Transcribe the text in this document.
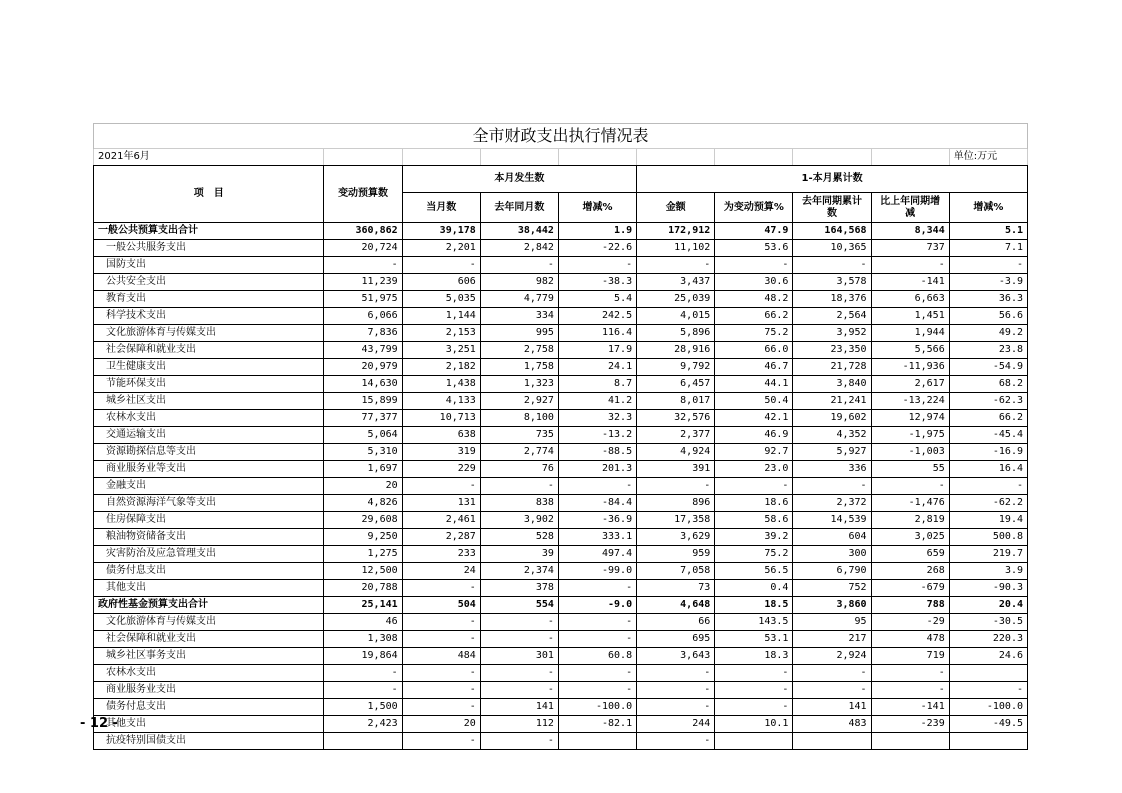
全市财政支出执行情况表									
2021年6月									单位:万元
项　目	变动预算数	本月发生数			1-本月累计数				
		当月数	去年同月数	增减%	金额	为变动预算%	去年同期累计数	比上年同期增减	增减%
一般公共预算支出合计	360,862	39,178	38,442	1.9	172,912	47.9	164,568	8,344	5.1
一般公共服务支出	20,724	2,201	2,842	-22.6	11,102	53.6	10,365	737	7.1
国防支出	-	-	-	-	-	-	-	-	-
公共安全支出	11,239	606	982	-38.3	3,437	30.6	3,578	-141	-3.9
教育支出	51,975	5,035	4,779	5.4	25,039	48.2	18,376	6,663	36.3
科学技术支出	6,066	1,144	334	242.5	4,015	66.2	2,564	1,451	56.6
文化旅游体育与传媒支出	7,836	2,153	995	116.4	5,896	75.2	3,952	1,944	49.2
社会保障和就业支出	43,799	3,251	2,758	17.9	28,916	66.0	23,350	5,566	23.8
卫生健康支出	20,979	2,182	1,758	24.1	9,792	46.7	21,728	-11,936	-54.9
节能环保支出	14,630	1,438	1,323	8.7	6,457	44.1	3,840	2,617	68.2
城乡社区支出	15,899	4,133	2,927	41.2	8,017	50.4	21,241	-13,224	-62.3
农林水支出	77,377	10,713	8,100	32.3	32,576	42.1	19,602	12,974	66.2
交通运输支出	5,064	638	735	-13.2	2,377	46.9	4,352	-1,975	-45.4
资源勘探信息等支出	5,310	319	2,774	-88.5	4,924	92.7	5,927	-1,003	-16.9
商业服务业等支出	1,697	229	76	201.3	391	23.0	336	55	16.4
金融支出	20	-	-	-	-	-	-	-	-
自然资源海洋气象等支出	4,826	131	838	-84.4	896	18.6	2,372	-1,476	-62.2
住房保障支出	29,608	2,461	3,902	-36.9	17,358	58.6	14,539	2,819	19.4
粮油物资储备支出	9,250	2,287	528	333.1	3,629	39.2	604	3,025	500.8
灾害防治及应急管理支出	1,275	233	39	497.4	959	75.2	300	659	219.7
债务付息支出	12,500	24	2,374	-99.0	7,058	56.5	6,790	268	3.9
其他支出	20,788	-	378	-	73	0.4	752	-679	-90.3
政府性基金预算支出合计	25,141	504	554	-9.0	4,648	18.5	3,860	788	20.4
文化旅游体育与传媒支出	46	-	-	-	66	143.5	95	-29	-30.5
社会保障和就业支出	1,308	-	-	-	695	53.1	217	478	220.3
城乡社区事务支出	19,864	484	301	60.8	3,643	18.3	2,924	719	24.6
农林水支出	-	-	-	-	-	-	-	-	
商业服务业支出	-	-	-	-	-	-	-	-	-
债务付息支出	1,500	-	141	-100.0	-	-	141	-141	-100.0
其他支出	2,423	20	112	-82.1	244	10.1	483	-239	-49.5
抗疫特别国债支出		-	-		-				
- 12 -
